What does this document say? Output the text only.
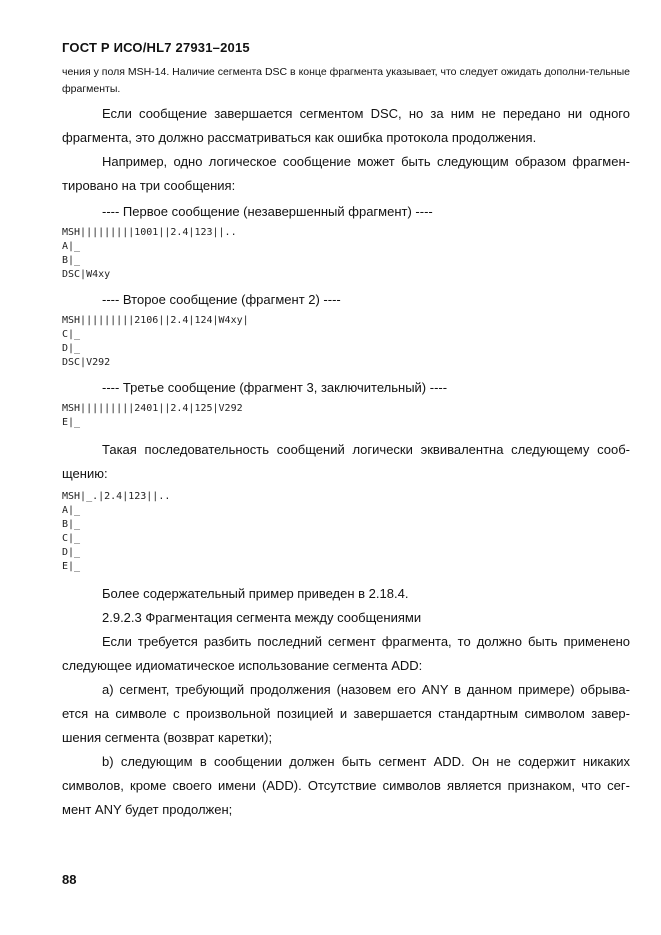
ГОСТ Р ИСО/HL7 27931–2015

чения у поля MSH-14. Наличие сегмента DSC в конце фрагмента указывает, что следует ожидать дополни-тельные фрагменты.

Если сообщение завершается сегментом DSC, но за ним не передано ни одного фрагмента, это должно рассматриваться как ошибка протокола продолжения.

Например, одно логическое сообщение может быть следующим образом фрагмен-тировано на три сообщения:

---- Первое сообщение (незавершенный фрагмент) ----
MSH|||||||||1001||2.4|123||..
A|_
B|_
DSC|W4xy
---- Второе сообщение (фрагмент 2) ----
MSH|||||||||2106||2.4|124|W4xy|
C|_
D|_
DSC|V292
---- Третье сообщение (фрагмент 3, заключительный) ----
MSH|||||||||2401||2.4|125|V292
E|_

Такая последовательность сообщений логически эквивалентна следующему сооб-щению:

MSH|_.|2.4|123||..
A|_
B|_
C|_
D|_
E|_

Более содержательный пример приведен в 2.18.4.

2.9.2.3 Фрагментация сегмента между сообщениями

Если требуется разбить последний сегмент фрагмента, то должно быть применено следующее идиоматическое использование сегмента ADD:

а) сегмент, требующий продолжения (назовем его ANY в данном примере) обрыва-ется на символе с произвольной позицией и завершается стандартным символом завер-шения сегмента (возврат каретки);

b) следующим в сообщении должен быть сегмент ADD. Он не содержит никаких символов, кроме своего имени (ADD). Отсутствие символов является признаком, что сег-мент ANY будет продолжен;

88
